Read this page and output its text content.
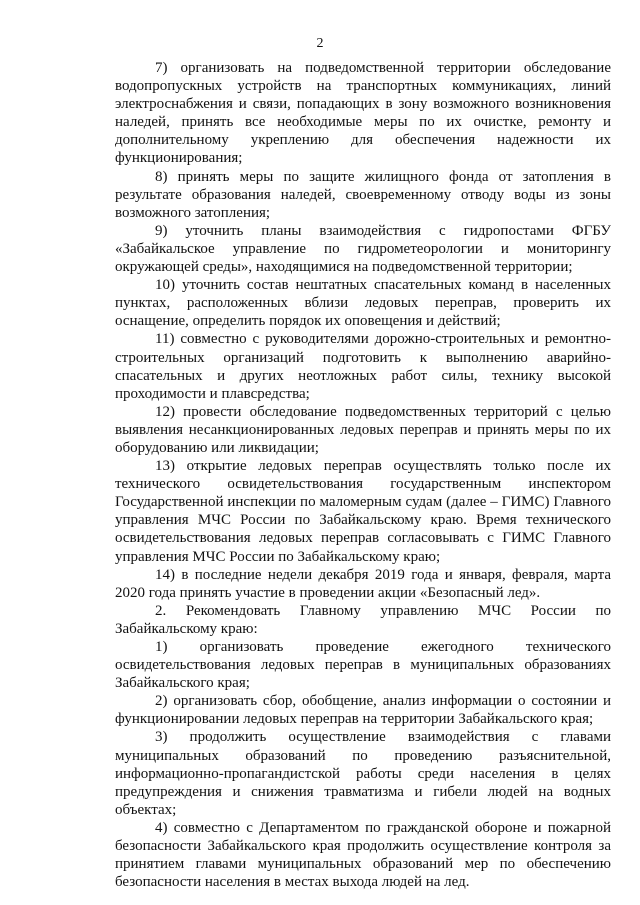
2

7) организовать на подведомственной территории обследование водопропускных устройств на транспортных коммуникациях, линий электроснабжения и связи, попадающих в зону возможного возникновения наледей, принять все необходимые меры по их очистке, ремонту и дополнительному укреплению для обеспечения надежности их функционирования;

8) принять меры по защите жилищного фонда от затопления в результате образования наледей, своевременному отводу воды из зоны возможного затопления;

9) уточнить планы взаимодействия с гидропостами ФГБУ «Забайкальское управление по гидрометеорологии и мониторингу окружающей среды», находящимися на подведомственной территории;

10) уточнить состав нештатных спасательных команд в населенных пунктах, расположенных вблизи ледовых переправ, проверить их оснащение, определить порядок их оповещения и действий;

11) совместно с руководителями дорожно-строительных и ремонтно-строительных организаций подготовить к выполнению аварийно-спасательных и других неотложных работ силы, технику высокой проходимости и плавсредства;

12) провести обследование подведомственных территорий с целью выявления несанкционированных ледовых переправ и принять меры по их оборудованию или ликвидации;

13) открытие ледовых переправ осуществлять только после их технического освидетельствования государственным инспектором Государственной инспекции по маломерным судам (далее – ГИМС) Главного управления МЧС России по Забайкальскому краю. Время технического освидетельствования ледовых переправ согласовывать с ГИМС Главного управления МЧС России по Забайкальскому краю;

14) в последние недели декабря 2019 года и января, февраля, марта 2020 года принять участие в проведении акции «Безопасный лед».

2. Рекомендовать Главному управлению МЧС России по Забайкальскому краю:

1) организовать проведение ежегодного технического освидетельствования ледовых переправ в муниципальных образованиях Забайкальского края;

2) организовать сбор, обобщение, анализ информации о состоянии и функционировании ледовых переправ на территории Забайкальского края;

3) продолжить осуществление взаимодействия с главами муниципальных образований по проведению разъяснительной, информационно-пропагандистской работы среди населения в целях предупреждения и снижения травматизма и гибели людей на водных объектах;

4) совместно с Департаментом по гражданской обороне и пожарной безопасности Забайкальского края продолжить осуществление контроля за принятием главами муниципальных образований мер по обеспечению безопасности населения в местах выхода людей на лед.
